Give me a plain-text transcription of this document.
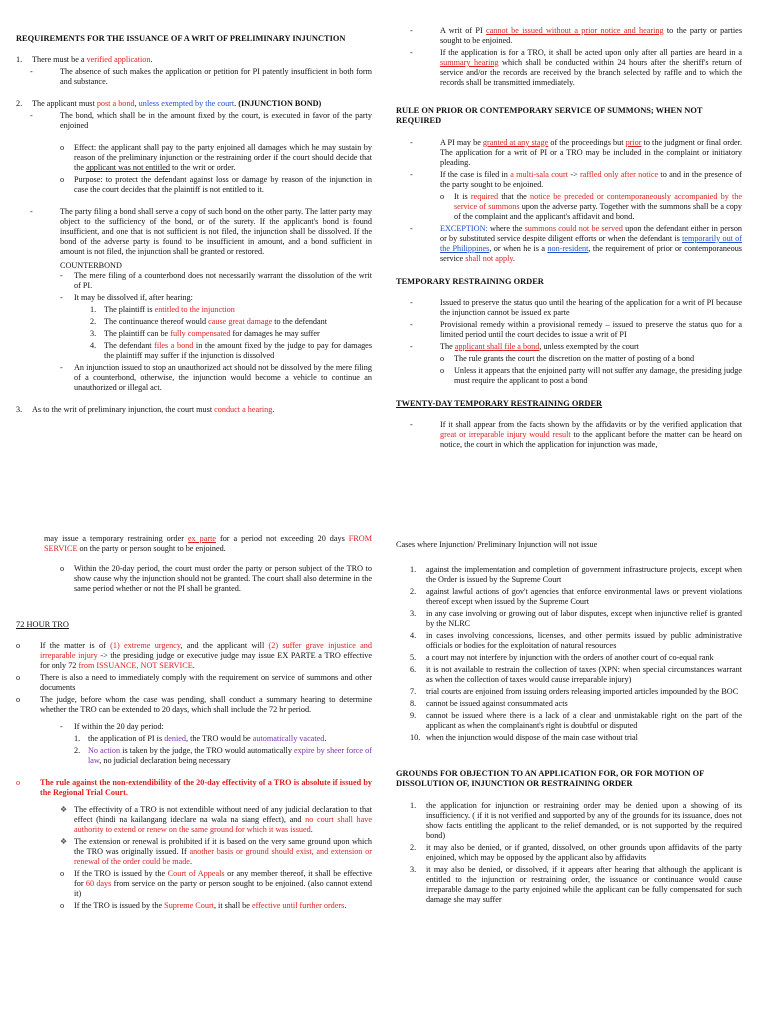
REQUIREMENTS FOR THE ISSUANCE OF A WRIT OF PRELIMINARY INJUNCTION
1.	There must be a verified application.
-	The absence of such makes the application or petition for PI patently insufficient in both form and substance.
2.	The applicant must post a bond, unless exempted by the court. (INJUNCTION BOND)
-	The bond, which shall be in the amount fixed by the court, is executed in favor of the party enjoined
o	Effect: the applicant shall pay to the party enjoined all damages which he may sustain by reason of the preliminary injunction or the restraining order if the court should decide that the applicant was not entitled to the writ or order.
o	Purpose: to protect the defendant against loss or damage by reason of the injunction in case the court decides that the plaintiff is not entitled to it.
-	The party filing a bond shall serve a copy of such bond on the other party. The latter party may object to the sufficiency of the bond, or of the surety. If the applicant's bond is found insufficient, and one that is not sufficient is not filed, the injunction shall be dissolved. If the bond of the adverse party is found to be insufficient in amount, and a bond sufficient in amount is not filed, the injunction shall be granted or restored.
COUNTERBOND
-	The mere filing of a counterbond does not necessarily warrant the dissolution of the writ of PI.
-	It may be dissolved if, after hearing:
1. The plaintiff is entitled to the injunction
2. The continuance thereof would cause great damage to the defendant
3. The plaintiff can be fully compensated for damages he may suffer
4. The defendant files a bond in the amount fixed by the judge to pay for damages the plaintiff may suffer if the injunction is dissolved
-	An injunction issued to stop an unauthorized act should not be dissolved by the mere filing of a counterbond, otherwise, the injunction would become a vehicle to continue an unauthorized or illegal act.
3.	As to the writ of preliminary injunction, the court must conduct a hearing.
-	A writ of PI cannot be issued without a prior notice and hearing to the party or parties sought to be enjoined.
-	If the application is for a TRO, it shall be acted upon only after all parties are heard in a summary hearing which shall be conducted within 24 hours after the sheriff's return of service and/or the records are received by the branch selected by raffle and to which the records shall be transmitted immediately.
RULE ON PRIOR OR CONTEMPORARY SERVICE OF SUMMONS; WHEN NOT REQUIRED
-	A PI may be granted at any stage of the proceedings but prior to the judgment or final order. The application for a writ of PI or a TRO may be included in the complaint or initiatory pleading.
-	If the case is filed in a multi-sala court -> raffled only after notice to and in the presence of the party sought to be enjoined.
o	It is required that the notice be preceded or contemporaneously accompanied by the service of summons upon the adverse party. Together with the summons shall be a copy of the complaint and the applicant's affidavit and bond.
-	EXCEPTION: where the summons could not be served upon the defendant either in person or by substituted service despite diligent efforts or when the defendant is temporarily out of the Philippines, or when he is a non-resident, the requirement of prior or contemporaneous service shall not apply.
TEMPORARY RESTRAINING ORDER
-	Issued to preserve the status quo until the hearing of the application for a writ of PI because the injunction cannot be issued ex parte
-	Provisional remedy within a provisional remedy – issued to preserve the status quo for a limited period until the court decides to issue a writ of PI
-	The applicant shall file a bond, unless exempted by the court
o	The rule grants the court the discretion on the matter of posting of a bond
o	Unless it appears that the enjoined party will not suffer any damage, the presiding judge must require the applicant to post a bond
TWENTY-DAY TEMPORARY RESTRAINING ORDER
-	If it shall appear from the facts shown by the affidavits or by the verified application that great or irreparable injury would result to the applicant before the matter can be heard on notice, the court in which the application for injunction was made,

may issue a temporary restraining order ex parte for a period not exceeding 20 days FROM SERVICE on the party or person sought to be enjoined.

o	Within the 20-day period, the court must order the party or person subject of the TRO to show cause why the injunction should not be granted. The court shall also determine in the same period whether or not the PI shall be granted.
72 HOUR TRO
o	If the matter is of (1) extreme urgency, and the applicant will (2) suffer grave injustice and irreparable injury -> the presiding judge or executive judge may issue EX PARTE a TRO effective for only 72 from ISSUANCE, NOT SERVICE.
o	There is also a need to immediately comply with the requirement on service of summons and other documents
o	The judge, before whom the case was pending, shall conduct a summary hearing to determine whether the TRO can be extended to 20 days, which shall include the 72 hr period.
-	If within the 20 day period:
1. the application of PI is denied, the TRO would be automatically vacated.
2. No action is taken by the judge, the TRO would automatically expire by sheer force of law, no judicial declaration being necessary
o	The rule against the non-extendibility of the 20-day effectivity of a TRO is absolute if issued by the Regional Trial Court.
❖ The effectivity of a TRO is not extendible without need of any judicial declaration to that effect (hindi na kailangang ideclare na wala na siang effect), and no court shall have authority to extend or renew on the same ground for which it was issued.
❖ The extension or renewal is prohibited if it is based on the very same ground upon which the TRO was originally issued. If another basis or ground should exist, and extension or renewal of the order could be made.
o	If the TRO is issued by the Court of Appeals or any member thereof, it shall be effective for 60 days from service on the party or person sought to be enjoined. (also cannot extend it)
o	If the TRO is issued by the Supreme Court, it shall be effective until further orders.
Cases where Injunction/ Preliminary Injunction will not issue
1.	against the implementation and completion of government infrastructure projects, except when the Order is issued by the Supreme Court
2.	against lawful actions of gov't agencies that enforce environmental laws or prevent violations thereof except when issued by the Supreme Court
3.	in any case involving or growing out of labor disputes, except when injunctive relief is granted by the NLRC
4.	in cases involving concessions, licenses, and other permits issued by public administrative officials or bodies for the exploitation of natural resources
5.	a court may not interfere by injunction with the orders of another court of co-equal rank
6.	it is not available to restrain the collection of taxes (XPN: when special circumstances warrant as when the collection of taxes would cause irreparable injury)
7.	trial courts are enjoined from issuing orders releasing imported articles impounded by the BOC
8.	cannot be issued against consummated acts
9.	cannot be issued where there is a lack of a clear and unmistakable right on the part of the applicant as when the complainant's right is doubtful or disputed
10. when the injunction would dispose of the main case without trial
GROUNDS FOR OBJECTION TO AN APPLICATION FOR, OR FOR MOTION OF DISSOLUTION OF, INJUNCTION OR RESTRAINING ORDER
1.	the application for injunction or restraining order may be denied upon a showing of its insufficiency. ( if it is not verified and supported by any of the grounds for its issuance, does not show facts entitling the applicant to the relief demanded, or is not supported by the required bond)
2.	it may also be denied, or if granted, dissolved, on other grounds upon affidavits of the party enjoined, which may be opposed by the applicant also by affidavits
3.	it may also be denied, or dissolved, if it appears after hearing that although the applicant is entitled to the injunction or restraining order, the issuance or continuance would cause irreparable damage to the party enjoined while the applicant can be fully compensated for such damage she may suffer
